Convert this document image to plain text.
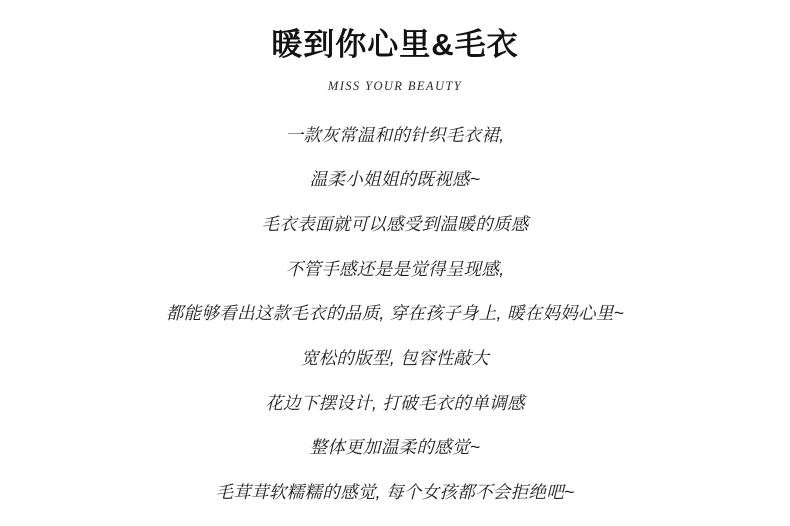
暖到你心里&毛衣
MISS YOUR BEAUTY

一款灰常温和的针织毛衣裙,

温柔小姐姐的既视感~

毛衣表面就可以感受到温暖的质感

不管手感还是是觉得呈现感,

都能够看出这款毛衣的品质, 穿在孩子身上, 暖在妈妈心里~

宽松的版型, 包容性敲大

花边下摆设计, 打破毛衣的单调感

整体更加温柔的感觉~

毛茸茸软糯糯的感觉, 每个女孩都不会拒绝吧~
